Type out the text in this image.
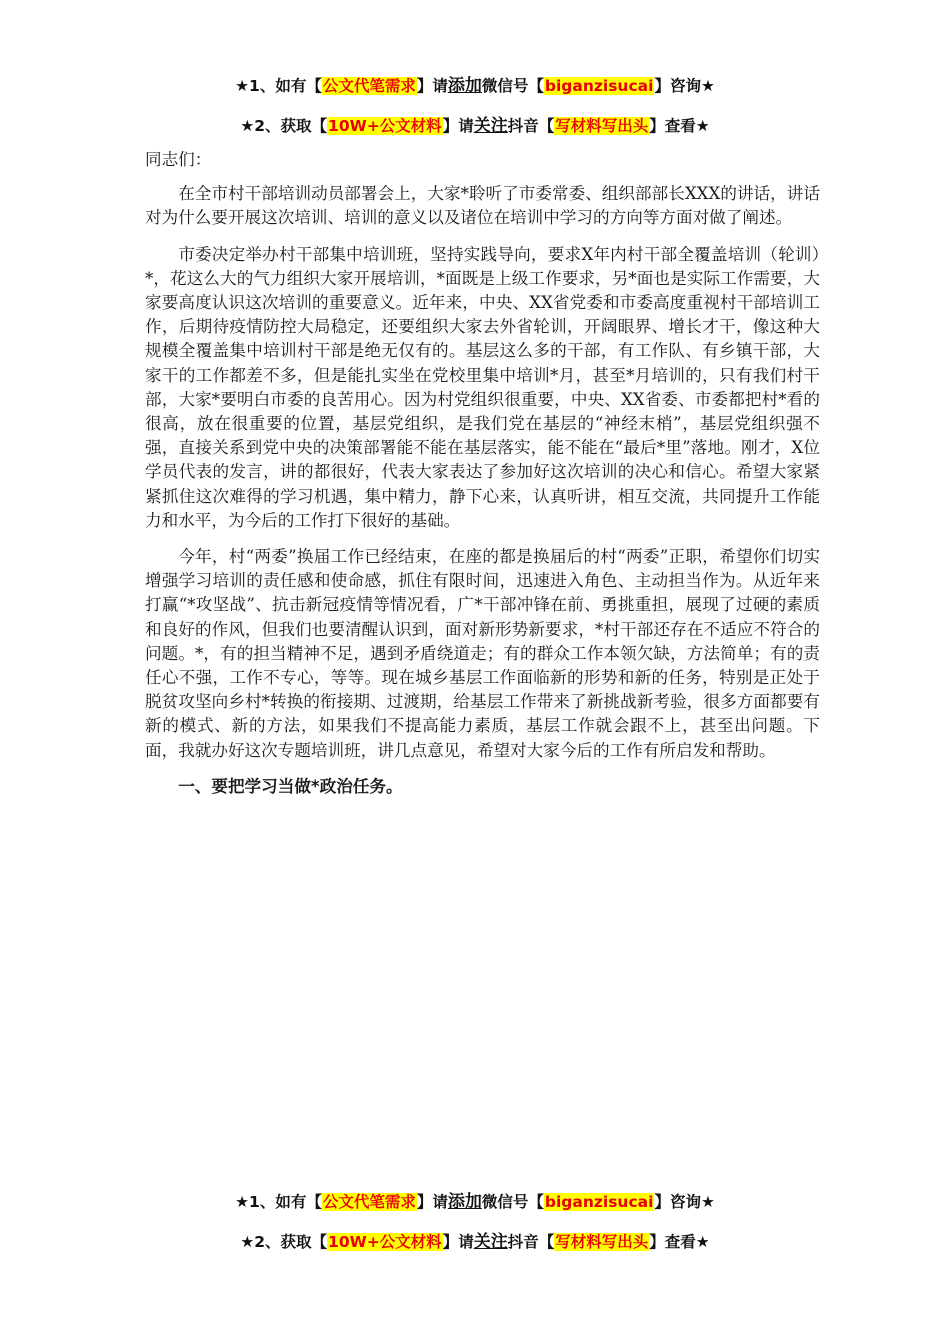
★1、如有【公文代笔需求】请添加微信号【biganzisucai】咨询★
★2、获取【10W+公文材料】请关注抖音【写材料写出头】查看★

同志们：

在全市村干部培训动员部署会上，大家*聆听了市委常委、组织部部长XXX的讲话，讲话对为什么要开展这次培训、培训的意义以及诸位在培训中学习的方向等方面对做了阐述。

市委决定举办村干部集中培训班，坚持实践导向，要求X年内村干部全覆盖培训（轮训）*，花这么大的气力组织大家开展培训，*面既是上级工作要求，另*面也是实际工作需要，大家要高度认识这次培训的重要意义。近年来，中央、XX省党委和市委高度重视村干部培训工作，后期待疫情防控大局稳定，还要组织大家去外省轮训，开阔眼界、增长才干，像这种大规模全覆盖集中培训村干部是绝无仅有的。基层这么多的干部，有工作队、有乡镇干部，大家干的工作都差不多，但是能扎实坐在党校里集中培训*月，甚至*月培训的，只有我们村干部，大家*要明白市委的良苦用心。因为村党组织很重要，中央、XX省委、市委都把村*看的很高，放在很重要的位置，基层党组织，是我们党在基层的“神经末梢”，基层党组织强不强，直接关系到党中央的决策部署能不能在基层落实，能不能在“最后*里”落地。刚才，X位学员代表的发言，讲的都很好，代表大家表达了参加好这次培训的决心和信心。希望大家紧紧抓住这次难得的学习机遇，集中精力，静下心来，认真听讲，相互交流，共同提升工作能力和水平，为今后的工作打下很好的基础。

今年，村“两委”换届工作已经结束，在座的都是换届后的村“两委”正职，希望你们切实增强学习培训的责任感和使命感，抓住有限时间，迅速进入角色、主动担当作为。从近年来打赢“*攻坚战”、抗击新冠疫情等情况看，广*干部冲锋在前、勇挑重担，展现了过硬的素质和良好的作风，但我们也要清醒认识到，面对新形势新要求，*村干部还存在不适应不符合的问题。*，有的担当精神不足，遇到矛盾绕道走；有的群众工作本领欠缺，方法简单；有的责任心不强，工作不专心，等等。现在城乡基层工作面临新的形势和新的任务，特别是正处于脱贫攻坚向乡村*转换的衔接期、过渡期，给基层工作带来了新挑战新考验，很多方面都要有新的模式、新的方法，如果我们不提高能力素质，基层工作就会跟不上，甚至出问题。下面，我就办好这次专题培训班，讲几点意见，希望对大家今后的工作有所启发和帮助。

一、要把学习当做*政治任务。

★1、如有【公文代笔需求】请添加微信号【biganzisucai】咨询★
★2、获取【10W+公文材料】请关注抖音【写材料写出头】查看★
